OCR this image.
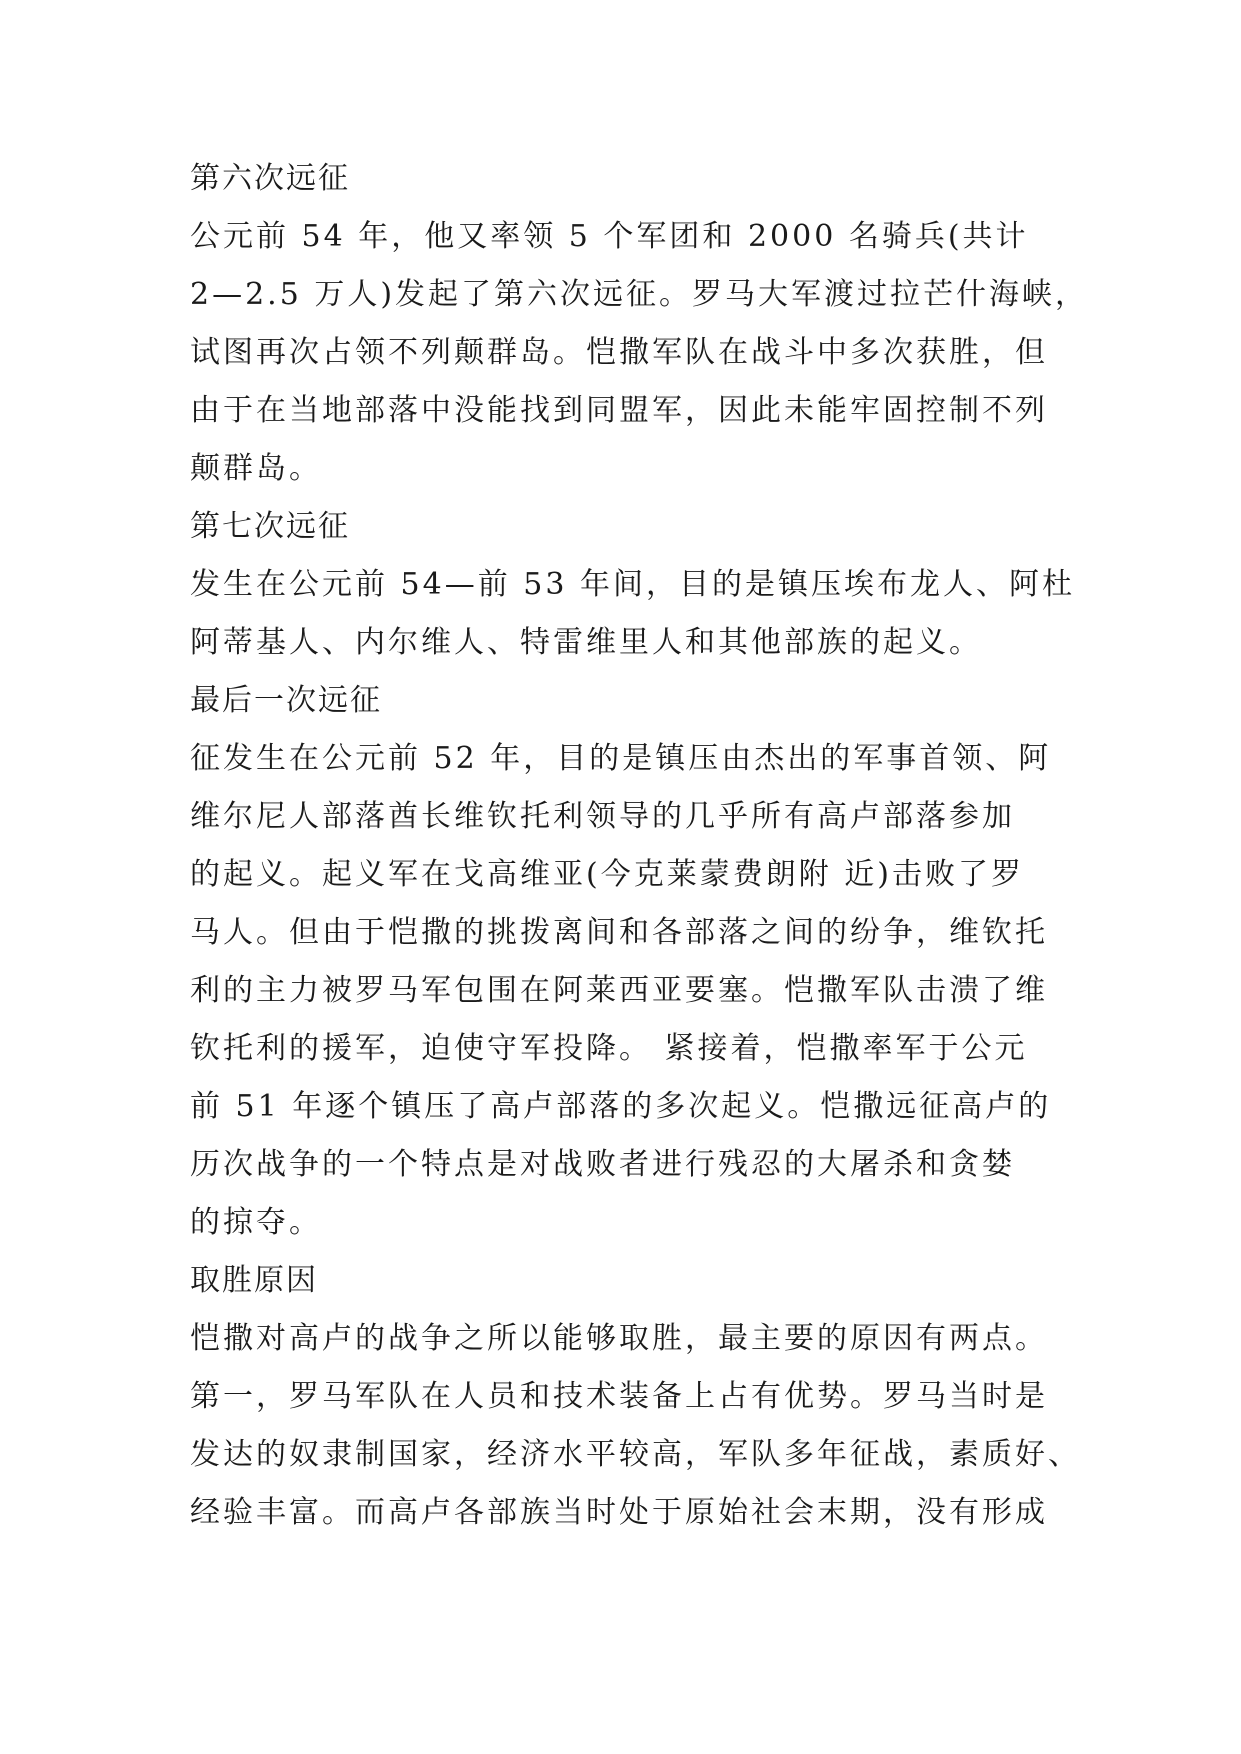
第六次远征
公元前 54 年，他又率领 5 个军团和 2000 名骑兵(共计
2—2.5 万人)发起了第六次远征。罗马大军渡过拉芒什海峡，
试图再次占领不列颠群岛。恺撒军队在战斗中多次获胜，但
由于在当地部落中没能找到同盟军，因此未能牢固控制不列
颠群岛。
第七次远征
发生在公元前 54—前 53 年间，目的是镇压埃布龙人、阿杜
阿蒂基人、内尔维人、特雷维里人和其他部族的起义。
最后一次远征
征发生在公元前 52 年，目的是镇压由杰出的军事首领、阿
维尔尼人部落酋长维钦托利领导的几乎所有高卢部落参加
的起义。起义军在戈高维亚(今克莱蒙费朗附 近)击败了罗
马人。但由于恺撒的挑拨离间和各部落之间的纷争，维钦托
利的主力被罗马军包围在阿莱西亚要塞。恺撒军队击溃了维
钦托利的援军，迫使守军投降。 紧接着，恺撒率军于公元
前 51 年逐个镇压了高卢部落的多次起义。恺撒远征高卢的
历次战争的一个特点是对战败者进行残忍的大屠杀和贪婪
的掠夺。
取胜原因
恺撒对高卢的战争之所以能够取胜，最主要的原因有两点。
第一，罗马军队在人员和技术装备上占有优势。罗马当时是
发达的奴隶制国家，经济水平较高，军队多年征战，素质好、
经验丰富。而高卢各部族当时处于原始社会末期，没有形成
